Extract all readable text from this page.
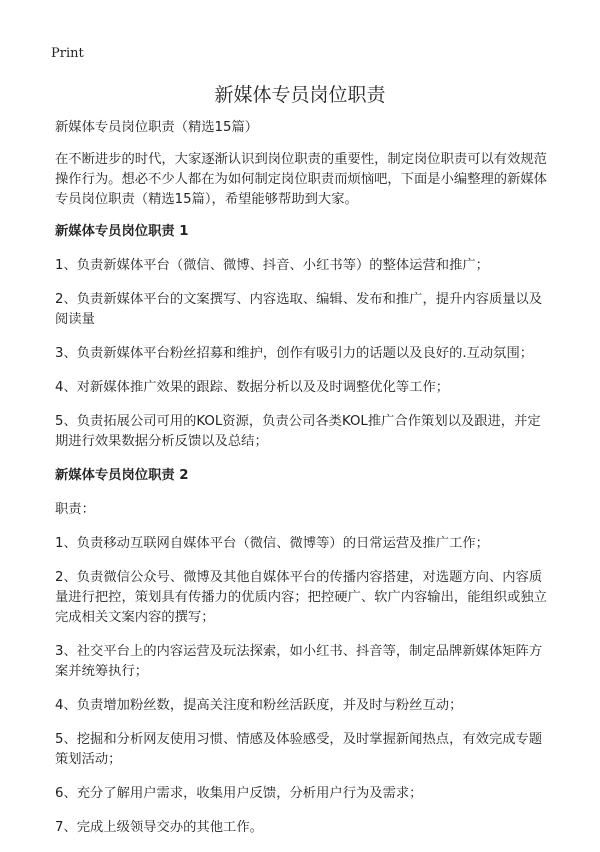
Print
新媒体专员岗位职责

新媒体专员岗位职责（精选15篇）

在不断进步的时代，大家逐渐认识到岗位职责的重要性，制定岗位职责可以有效规范操作行为。想必不少人都在为如何制定岗位职责而烦恼吧，下面是小编整理的新媒体专员岗位职责（精选15篇），希望能够帮助到大家。

新媒体专员岗位职责 1

1、负责新媒体平台（微信、微博、抖音、小红书等）的整体运营和推广；

2、负责新媒体平台的文案撰写、内容选取、编辑、发布和推广，提升内容质量以及阅读量

3、负责新媒体平台粉丝招募和维护，创作有吸引力的话题以及良好的.互动氛围；

4、对新媒体推广效果的跟踪、数据分析以及及时调整优化等工作；

5、负责拓展公司可用的KOL资源，负责公司各类KOL推广合作策划以及跟进，并定期进行效果数据分析反馈以及总结；

新媒体专员岗位职责 2

职责：

1、负责移动互联网自媒体平台（微信、微博等）的日常运营及推广工作；

2、负责微信公众号、微博及其他自媒体平台的传播内容搭建，对选题方向、内容质量进行把控，策划具有传播力的优质内容；把控硬广、软广内容输出，能组织或独立完成相关文案内容的撰写；

3、社交平台上的内容运营及玩法探索，如小红书、抖音等，制定品牌新媒体矩阵方案并统筹执行；

4、负责增加粉丝数，提高关注度和粉丝活跃度，并及时与粉丝互动；

5、挖掘和分析网友使用习惯、情感及体验感受，及时掌握新闻热点，有效完成专题策划活动；

6、充分了解用户需求，收集用户反馈，分析用户行为及需求；

7、完成上级领导交办的其他工作。
